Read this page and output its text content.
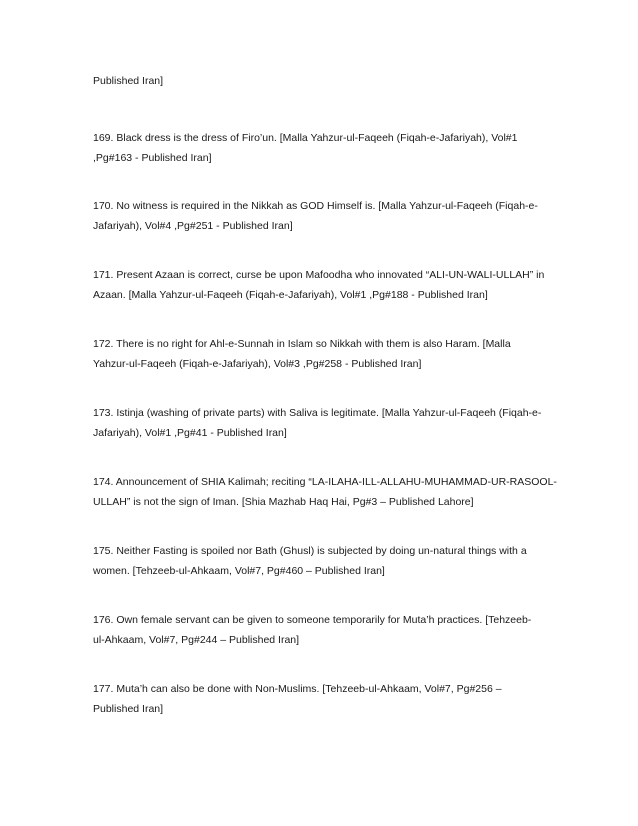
Published Iran]

169. Black dress is the dress of Firo’un. [Malla Yahzur-ul-Faqeeh (Fiqah-e-Jafariyah), Vol#1
,Pg#163 - Published Iran]

170. No witness is required in the Nikkah as GOD Himself is. [Malla Yahzur-ul-Faqeeh (Fiqah-e-
Jafariyah), Vol#4 ,Pg#251 - Published Iran]

171. Present Azaan is correct, curse be upon Mafoodha who innovated “ALI-UN-WALI-ULLAH” in
Azaan. [Malla Yahzur-ul-Faqeeh (Fiqah-e-Jafariyah), Vol#1 ,Pg#188 - Published Iran]

172. There is no right for Ahl-e-Sunnah in Islam so Nikkah with them is also Haram. [Malla
Yahzur-ul-Faqeeh (Fiqah-e-Jafariyah), Vol#3 ,Pg#258 - Published Iran]

173. Istinja (washing of private parts) with Saliva is legitimate. [Malla Yahzur-ul-Faqeeh (Fiqah-e-
Jafariyah), Vol#1 ,Pg#41 - Published Iran]

174. Announcement of SHIA Kalimah; reciting “LA-ILAHA-ILL-ALLAHU-MUHAMMAD-UR-RASOOL-
ULLAH” is not the sign of Iman. [Shia Mazhab Haq Hai, Pg#3 – Published Lahore]

175. Neither Fasting is spoiled nor Bath (Ghusl) is subjected by doing un-natural things with a
women. [Tehzeeb-ul-Ahkaam, Vol#7, Pg#460 – Published Iran]

176. Own female servant can be given to someone temporarily for Muta’h practices. [Tehzeeb-
ul-Ahkaam, Vol#7, Pg#244 – Published Iran]

177. Muta’h can also be done with Non-Muslims. [Tehzeeb-ul-Ahkaam, Vol#7, Pg#256 –
Published Iran]
